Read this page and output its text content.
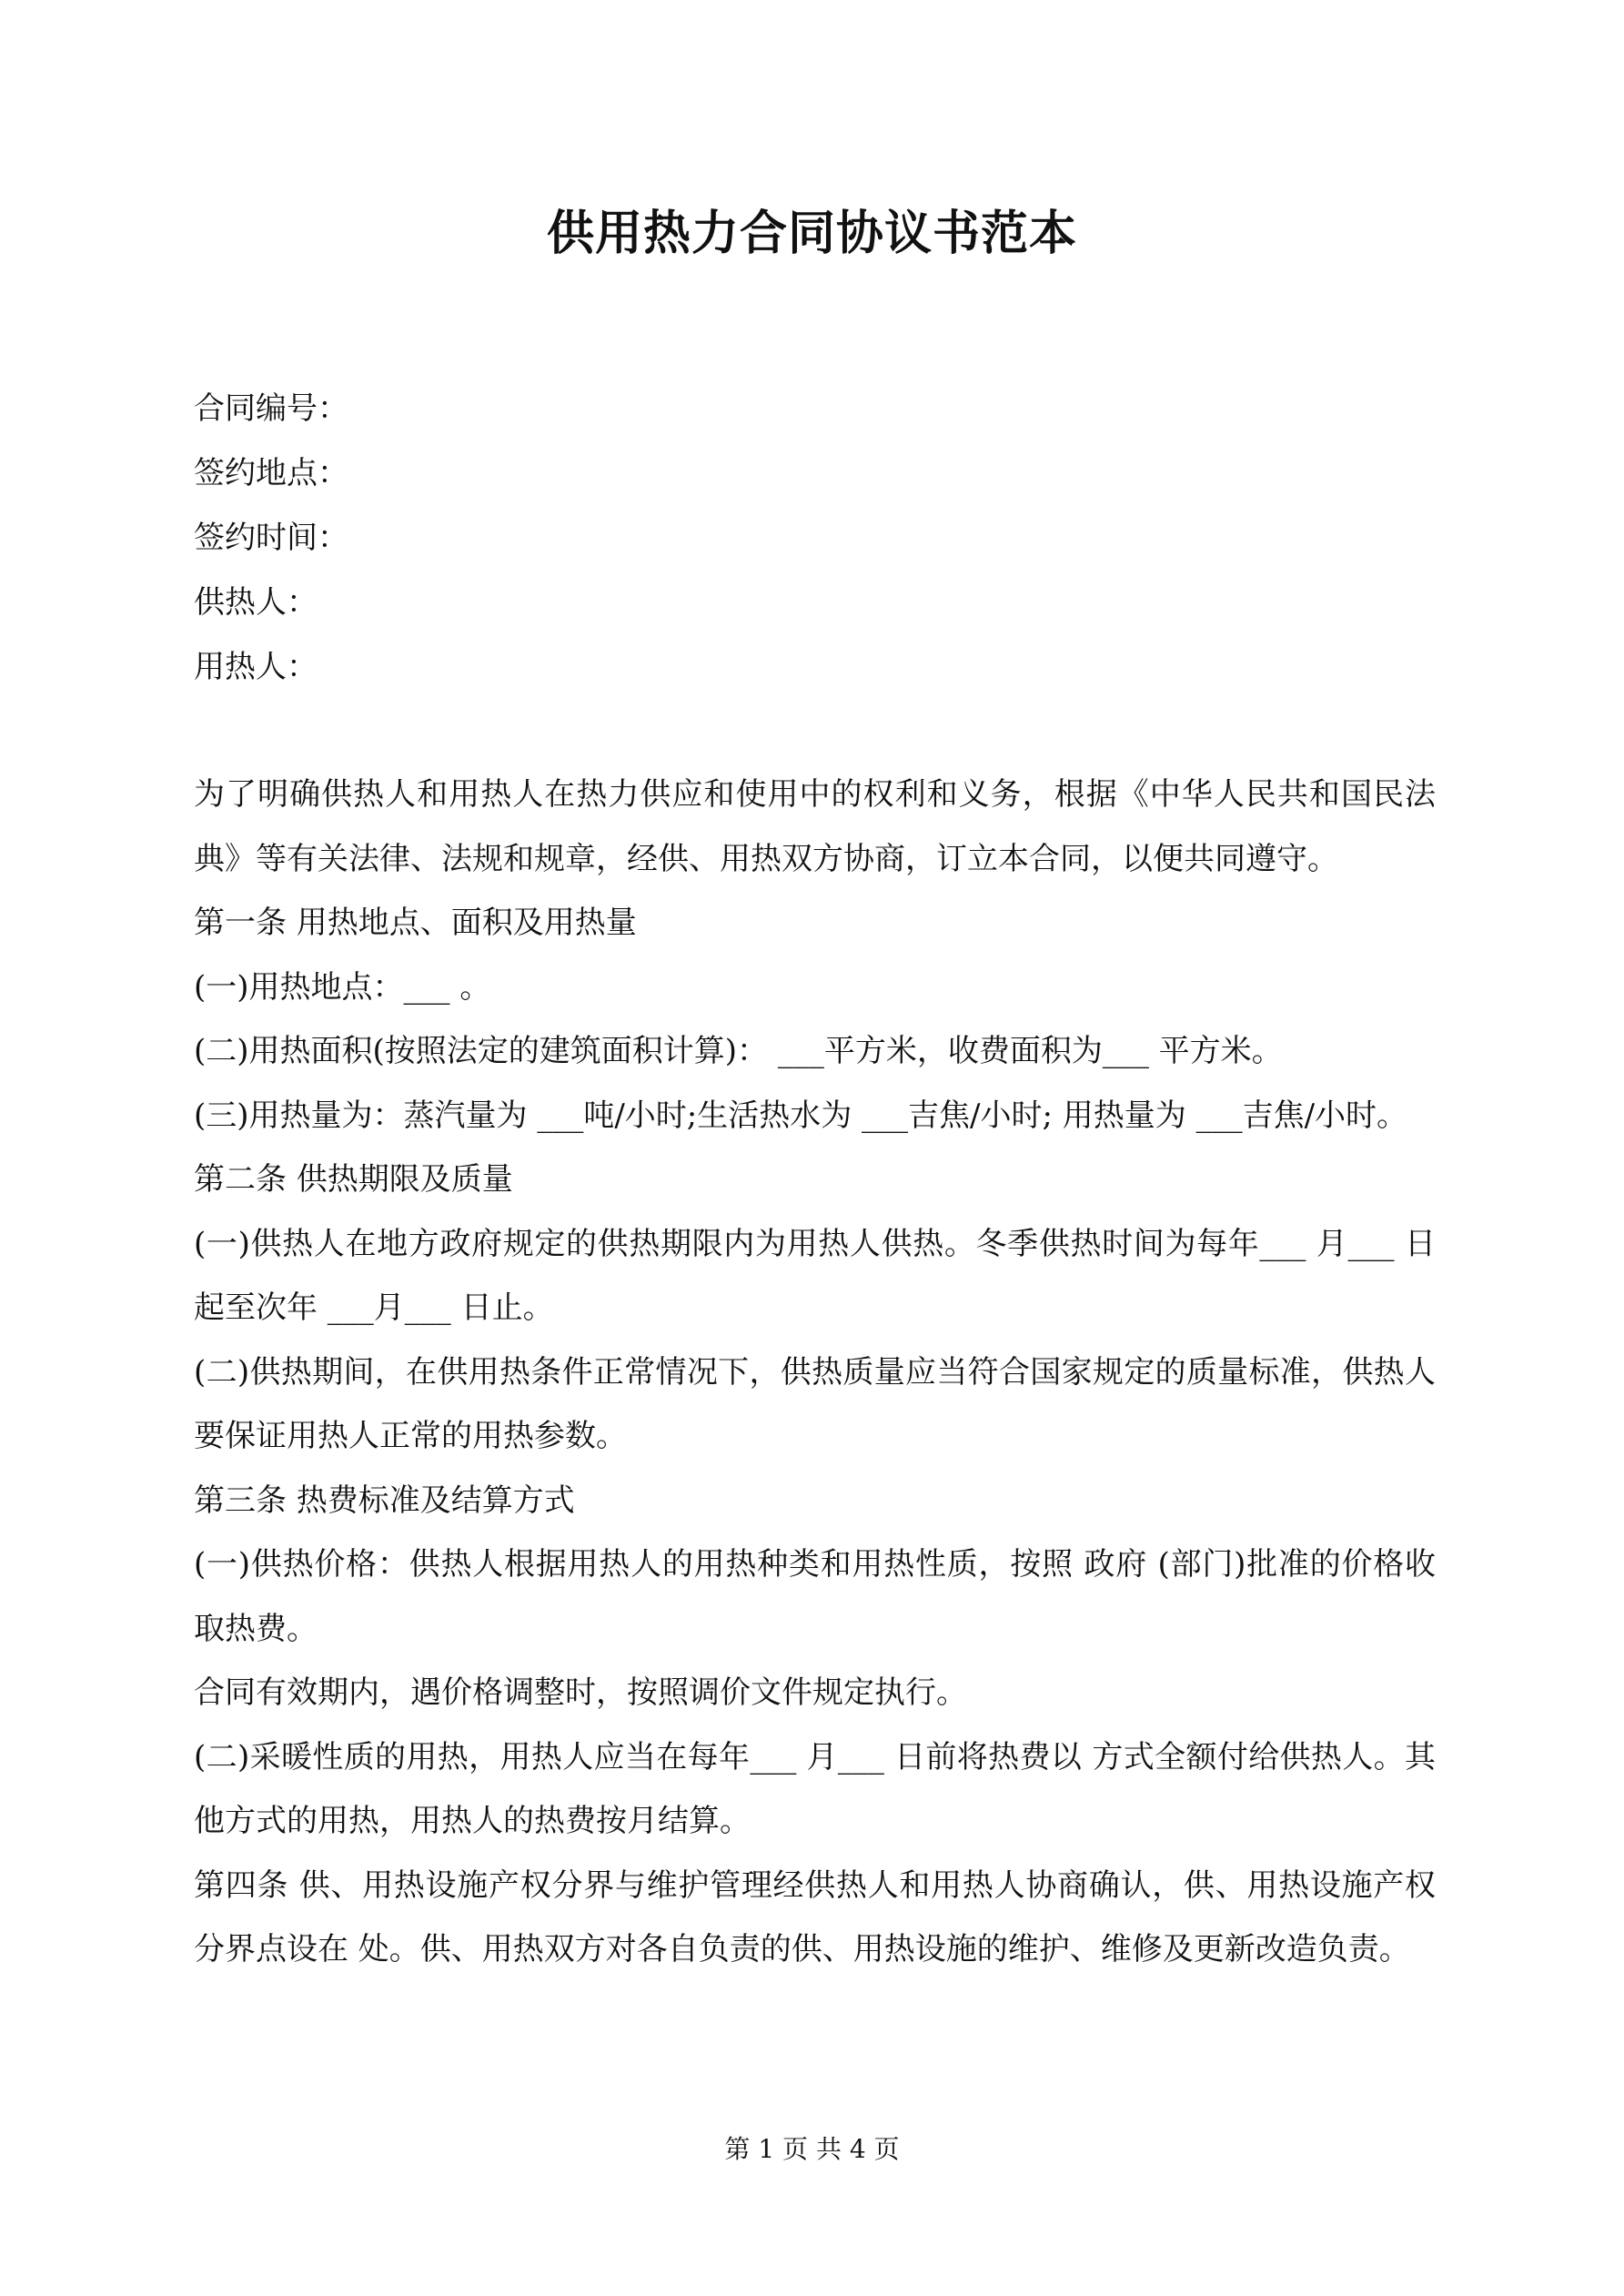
供用热力合同协议书范本
合同编号：
签约地点：
签约时间：
供热人：
用热人：

为了明确供热人和用热人在热力供应和使用中的权利和义务，根据《中华人民共和国民法典》等有关法律、法规和规章，经供、用热双方协商，订立本合同，以便共同遵守。

第一条 用热地点、面积及用热量

(一)用热地点：___ 。

(二)用热面积(按照法定的建筑面积计算)： ___平方米，收费面积为___ 平方米。

(三)用热量为：蒸汽量为 ___吨/小时;生活热水为 ___吉焦/小时; 用热量为 ___吉焦/小时。

第二条 供热期限及质量

(一)供热人在地方政府规定的供热期限内为用热人供热。冬季供热时间为每年___ 月___ 日起至次年 ___月___ 日止。

(二)供热期间，在供用热条件正常情况下，供热质量应当符合国家规定的质量标准，供热人要保证用热人正常的用热参数。

第三条 热费标准及结算方式

(一)供热价格：供热人根据用热人的用热种类和用热性质，按照 政府 (部门)批准的价格收取热费。

合同有效期内，遇价格调整时，按照调价文件规定执行。

(二)采暖性质的用热，用热人应当在每年___ 月___ 日前将热费以 方式全额付给供热人。其他方式的用热，用热人的热费按月结算。

第四条 供、用热设施产权分界与维护管理经供热人和用热人协商确认，供、用热设施产权分界点设在 处。供、用热双方对各自负责的供、用热设施的维护、维修及更新改造负责。

第 1 页 共 4 页
